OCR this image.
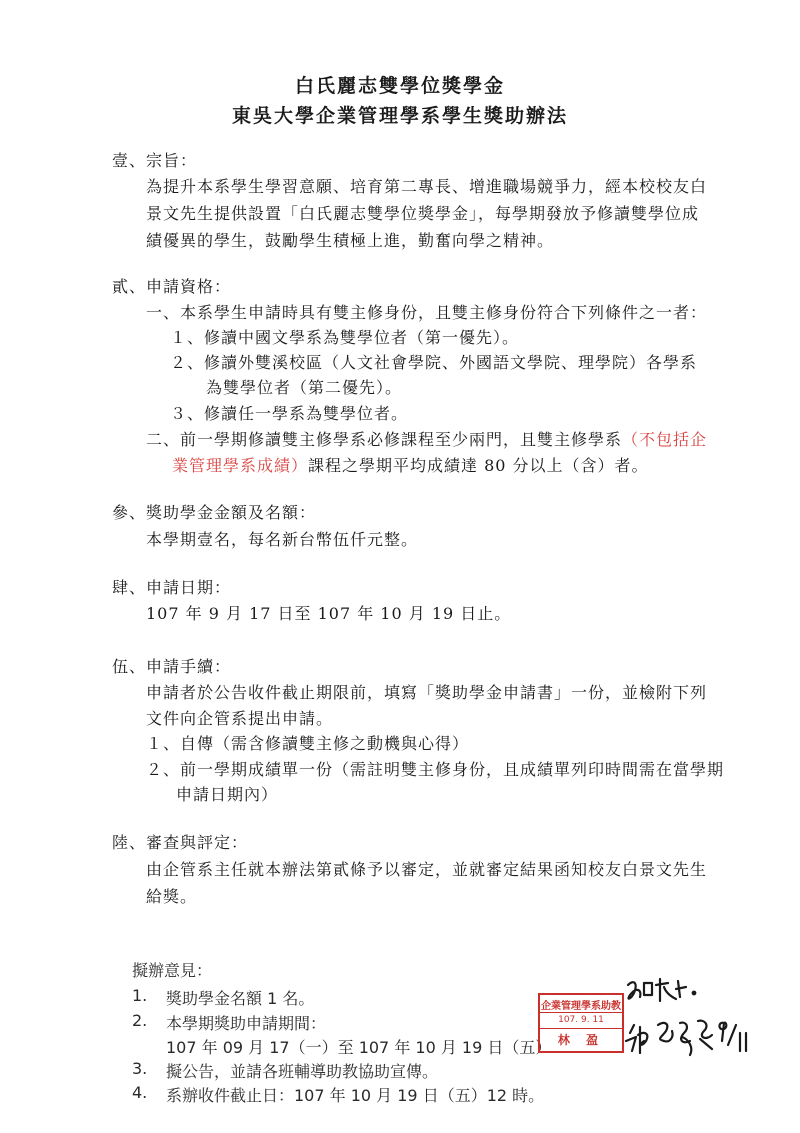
白氏麗志雙學位獎學金
東吳大學企業管理學系學生獎助辦法
壹、宗旨：
為提升本系學生學習意願、培育第二專長、增進職場競爭力，經本校校友白
景文先生提供設置「白氏麗志雙學位獎學金」，每學期發放予修讀雙學位成
績優異的學生，鼓勵學生積極上進，勤奮向學之精神。
貳、申請資格：
一、本系學生申請時具有雙主修身份，且雙主修身份符合下列條件之一者：
１、修讀中國文學系為雙學位者（第一優先）。
２、修讀外雙溪校區（人文社會學院、外國語文學院、理學院）各學系
為雙學位者（第二優先）。
３、修讀任一學系為雙學位者。
二、前一學期修讀雙主修學系必修課程至少兩門，且雙主修學系（不包括企
業管理學系成績）課程之學期平均成績達 80 分以上（含）者。
參、獎助學金金額及名額：
本學期壹名，每名新台幣伍仟元整。
肆、申請日期：
107 年 9 月 17 日至 107 年 10 月 19 日止。
伍、申請手續：
申請者於公告收件截止期限前，填寫「獎助學金申請書」一份，並檢附下列
文件向企管系提出申請。
１、自傳（需含修讀雙主修之動機與心得）
２、前一學期成績單一份（需註明雙主修身份，且成績單列印時間需在當學期
申請日期內）
陸、審查與評定：
由企管系主任就本辦法第貳條予以審定，並就審定結果函知校友白景文先生
給獎。
擬辦意見：
1. 獎助學金名額 1 名。
2. 本學期獎助申請期間：
107 年 09 月 17（一）至 107 年 10 月 19 日（五）
3. 擬公告，並請各班輔導助教協助宣傳。
4. 系辦收件截止日：107 年 10 月 19 日（五）12 時。
企業管理學系助教
107. 9. 11
林 盈
